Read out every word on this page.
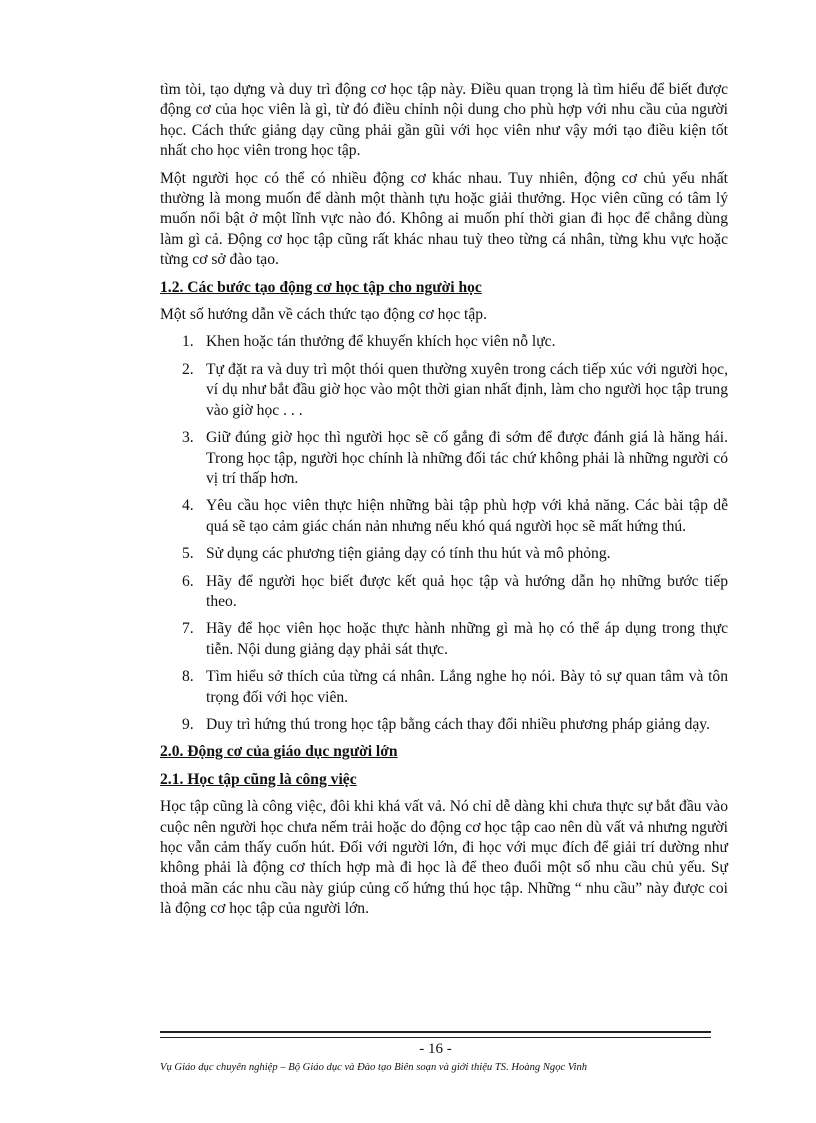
tìm tòi, tạo dựng và duy trì động cơ học tập này. Điều quan trọng là tìm hiểu để biết được động cơ của học viên là gì, từ đó điều chỉnh nội dung cho phù hợp với nhu cầu của người học. Cách thức giảng dạy cũng phải gần gũi với học viên như vậy mới tạo điều kiện tốt nhất cho học viên trong học tập.

Một người học có thể có nhiều động cơ khác nhau. Tuy nhiên, động cơ chủ yếu nhất thường là mong muốn để dành một thành tựu hoặc giải thưởng. Học viên cũng có tâm lý muốn nổi bật ở một lĩnh vực nào đó. Không ai muốn phí thời gian đi học để chẳng dùng làm gì cả. Động cơ học tập cũng rất khác nhau tuỳ theo từng cá nhân, từng khu vực hoặc từng cơ sở đào tạo.

1.2. Các bước tạo động cơ học tập cho người học
Một số hướng dẫn về cách thức tạo động cơ học tập.
1. Khen hoặc tán thưởng để khuyến khích học viên nỗ lực.
2. Tự đặt ra và duy trì một thói quen thường xuyên trong cách tiếp xúc với người học, ví dụ như bắt đầu giờ học vào một thời gian nhất định, làm cho người học tập trung vào giờ học . . .
3. Giữ đúng giờ học thì người học sẽ cố gắng đi sớm để được đánh giá là hăng hái. Trong học tập, người học chính là những đối tác chứ không phải là những người có vị trí thấp hơn.
4. Yêu cầu học viên thực hiện những bài tập phù hợp với khả năng. Các bài tập dễ quá sẽ tạo cảm giác chán nản nhưng nếu khó quá người học sẽ mất hứng thú.
5. Sử dụng các phương tiện giảng dạy có tính thu hút và mô phỏng.
6. Hãy để người học biết được kết quả học tập và hướng dẫn họ những bước tiếp theo.
7. Hãy để học viên học hoặc thực hành những gì mà họ có thể áp dụng trong thực tiễn. Nội dung giảng dạy phải sát thực.
8. Tìm hiểu sở thích của từng cá nhân. Lắng nghe họ nói. Bày tỏ sự quan tâm và tôn trọng đối với học viên.
9. Duy trì hứng thú trong học tập bằng cách thay đổi nhiều phương pháp giảng dạy.
2.0. Động cơ của giáo dục người lớn
2.1. Học tập cũng là công việc

Học tập cũng là công việc, đôi khi khá vất vả. Nó chỉ dễ dàng khi chưa thực sự bắt đầu vào cuộc nên người học chưa nếm trải hoặc do động cơ học tập cao nên dù vất vả nhưng người học vẫn cảm thấy cuốn hút. Đối với người lớn, đi học với mục đích để giải trí dường như không phải là động cơ thích hợp mà đi học là để theo đuổi một số nhu cầu chủ yếu. Sự thoả mãn các nhu cầu này giúp củng cố hứng thú học tập. Những “ nhu cầu” này được coi là động cơ học tập của người lớn.

- 16 -
Vụ Giáo dục chuyên nghiệp – Bộ Giáo dục và Đào tạo Biên soạn và giới thiệu TS. Hoàng Ngọc Vinh
